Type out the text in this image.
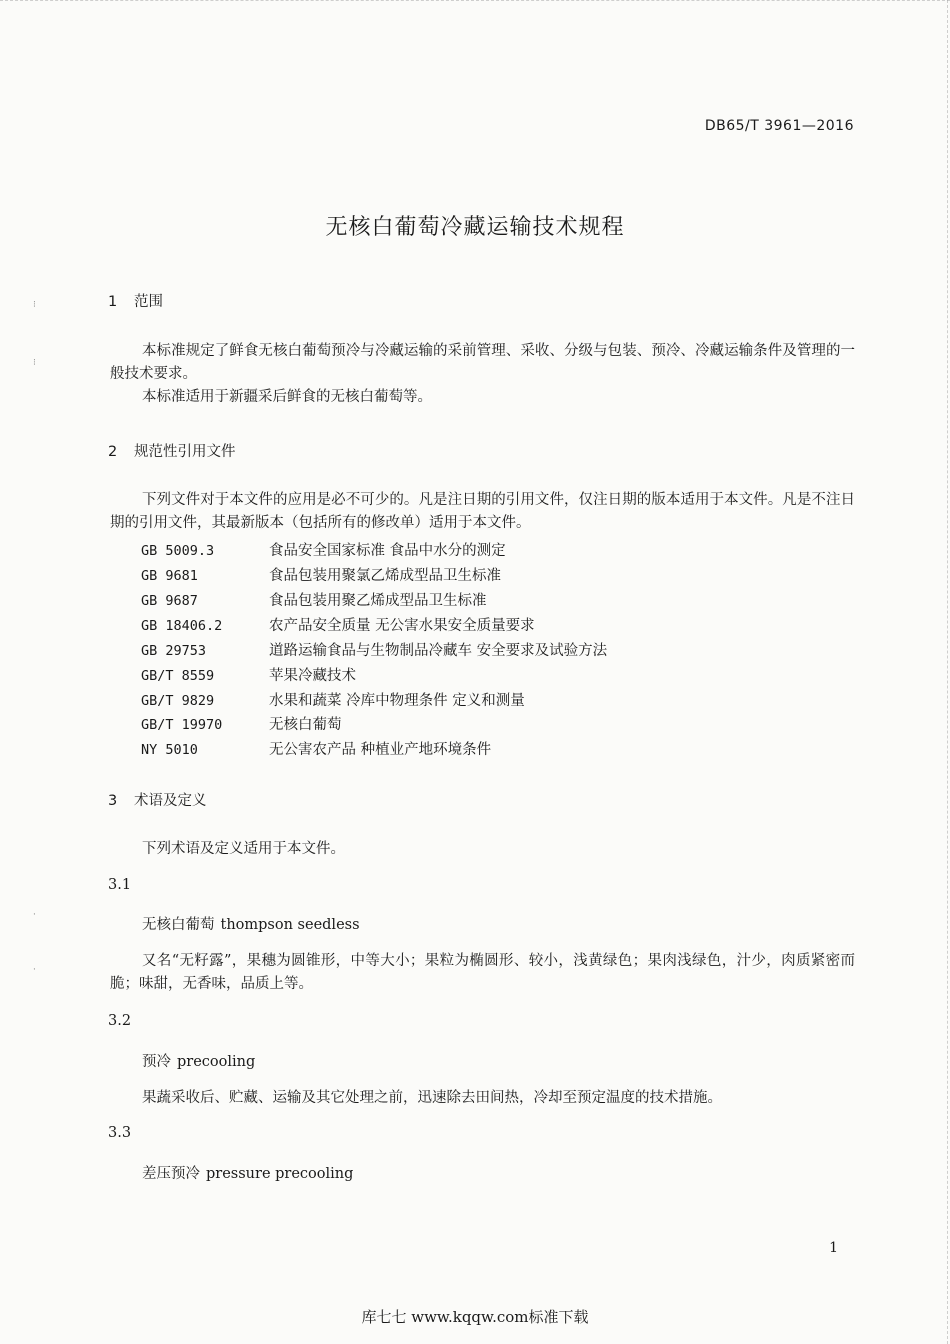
⁝
⁝
·
·
DB65/T 3961—2016
无核白葡萄冷藏运输技术规程
1 范围
本标准规定了鲜食无核白葡萄预冷与冷藏运输的采前管理、采收、分级与包装、预冷、冷藏运输条件及管理的一般技术要求。
本标准适用于新疆采后鲜食的无核白葡萄等。
2 规范性引用文件
下列文件对于本文件的应用是必不可少的。凡是注日期的引用文件，仅注日期的版本适用于本文件。凡是不注日期的引用文件，其最新版本（包括所有的修改单）适用于本文件。
GB 5009.3	食品安全国家标准 食品中水分的测定
GB 9681	食品包装用聚氯乙烯成型品卫生标准
GB 9687	食品包装用聚乙烯成型品卫生标准
GB 18406.2	农产品安全质量 无公害水果安全质量要求
GB 29753	道路运输食品与生物制品冷藏车 安全要求及试验方法
GB/T 8559	苹果冷藏技术
GB/T 9829	水果和蔬菜 冷库中物理条件 定义和测量
GB/T 19970	无核白葡萄
NY 5010	无公害农产品 种植业产地环境条件
3 术语及定义
下列术语及定义适用于本文件。
3.1
无核白葡萄 thompson seedless
又名“无籽露”，果穗为圆锥形，中等大小；果粒为椭圆形、较小，浅黄绿色；果肉浅绿色，汁少，肉质紧密而脆；味甜，无香味，品质上等。
3.2
预冷 precooling
果蔬采收后、贮藏、运输及其它处理之前，迅速除去田间热，冷却至预定温度的技术措施。
3.3
差压预冷 pressure precooling
1
库七七 www.kqqw.com标准下载
